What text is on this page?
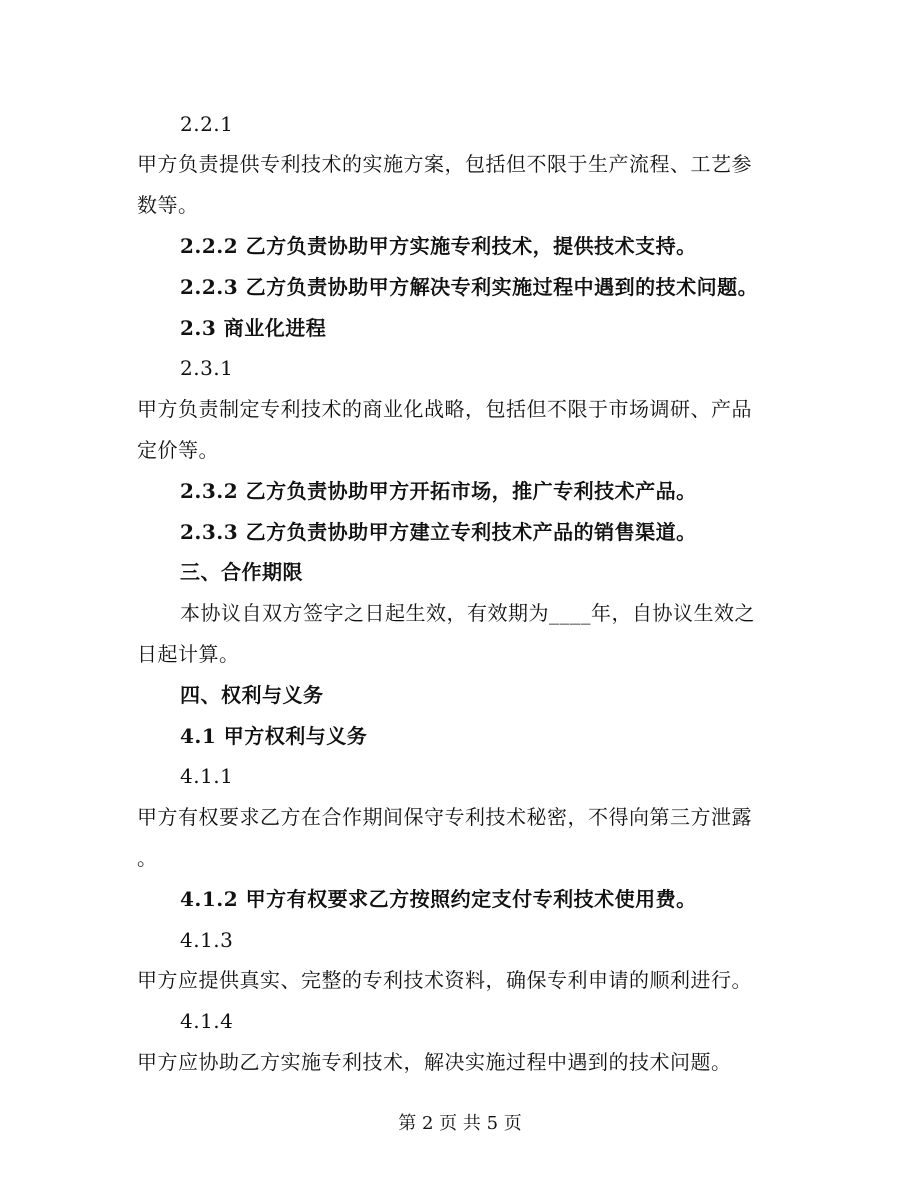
2.2.1
甲方负责提供专利技术的实施方案，包括但不限于生产流程、工艺参
数等。
2.2.2 乙方负责协助甲方实施专利技术，提供技术支持。
2.2.3 乙方负责协助甲方解决专利实施过程中遇到的技术问题。
2.3 商业化进程
2.3.1
甲方负责制定专利技术的商业化战略，包括但不限于市场调研、产品
定价等。
2.3.2 乙方负责协助甲方开拓市场，推广专利技术产品。
2.3.3 乙方负责协助甲方建立专利技术产品的销售渠道。
三、合作期限
本协议自双方签字之日起生效，有效期为____年，自协议生效之
日起计算。
四、权利与义务
4.1 甲方权利与义务
4.1.1
甲方有权要求乙方在合作期间保守专利技术秘密，不得向第三方泄露
。
4.1.2 甲方有权要求乙方按照约定支付专利技术使用费。
4.1.3
甲方应提供真实、完整的专利技术资料，确保专利申请的顺利进行。
4.1.4
甲方应协助乙方实施专利技术，解决实施过程中遇到的技术问题。
第 2 页 共 5 页
